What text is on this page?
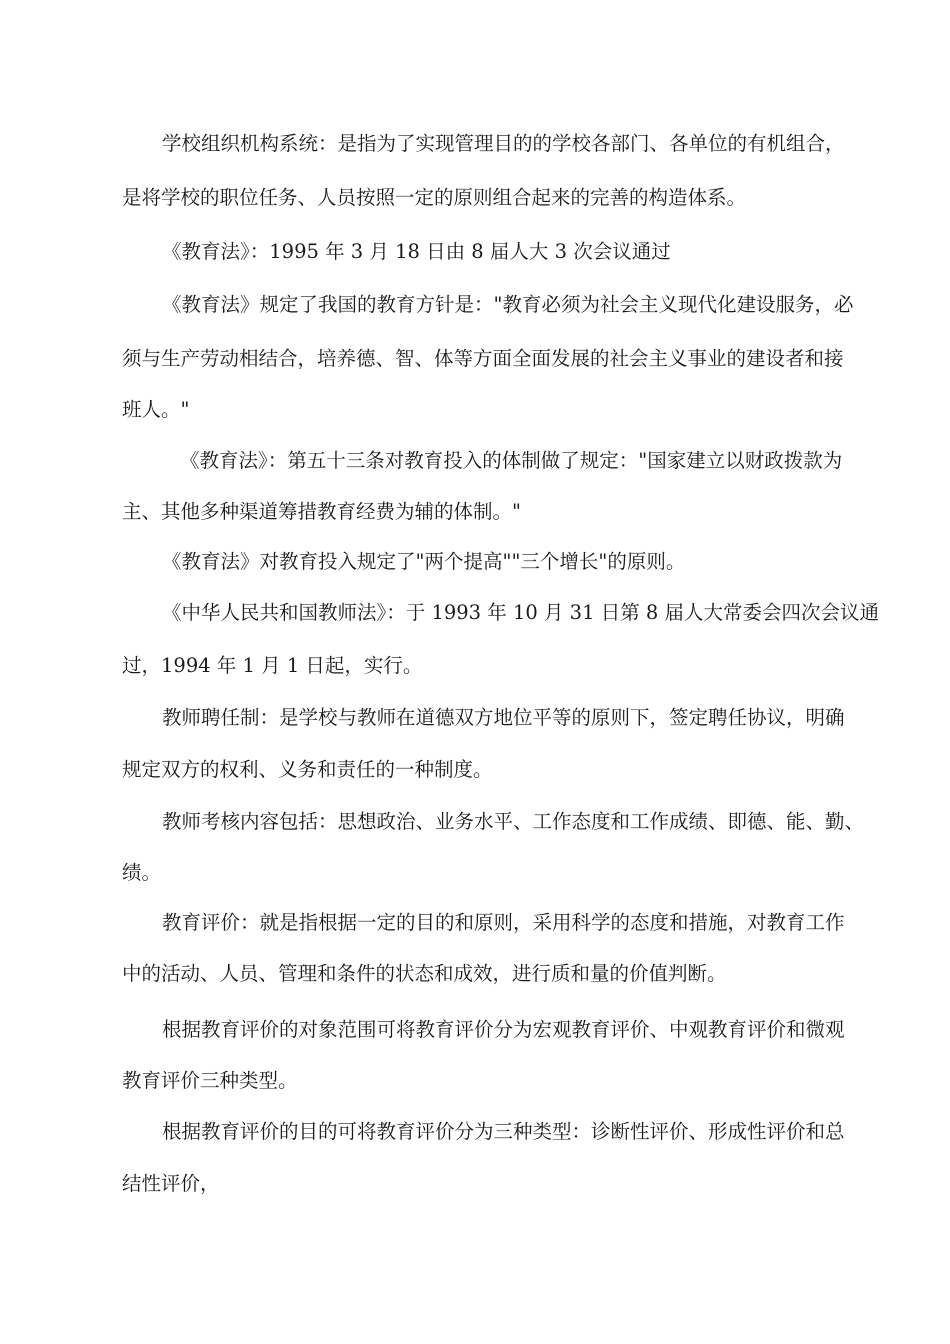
学校组织机构系统：是指为了实现管理目的的学校各部门、各单位的有机组合，
是将学校的职位任务、人员按照一定的原则组合起来的完善的构造体系。
《教育法》：1995 年 3 月 18 日由 8 届人大 3 次会议通过
《教育法》规定了我国的教育方针是："教育必须为社会主义现代化建设服务，必
须与生产劳动相结合，培养德、智、体等方面全面发展的社会主义事业的建设者和接
班人。"
《教育法》：第五十三条对教育投入的体制做了规定："国家建立以财政拨款为
主、其他多种渠道筹措教育经费为辅的体制。"
《教育法》对教育投入规定了"两个提高""三个增长"的原则。
《中华人民共和国教师法》：于 1993 年 10 月 31 日第 8 届人大常委会四次会议通
过，1994 年 1 月 1 日起，实行。
教师聘任制：是学校与教师在道德双方地位平等的原则下，签定聘任协议，明确
规定双方的权利、义务和责任的一种制度。
教师考核内容包括：思想政治、业务水平、工作态度和工作成绩、即德、能、勤、
绩。
教育评价：就是指根据一定的目的和原则，采用科学的态度和措施，对教育工作
中的活动、人员、管理和条件的状态和成效，进行质和量的价值判断。
根据教育评价的对象范围可将教育评价分为宏观教育评价、中观教育评价和微观
教育评价三种类型。
根据教育评价的目的可将教育评价分为三种类型：诊断性评价、形成性评价和总
结性评价，
